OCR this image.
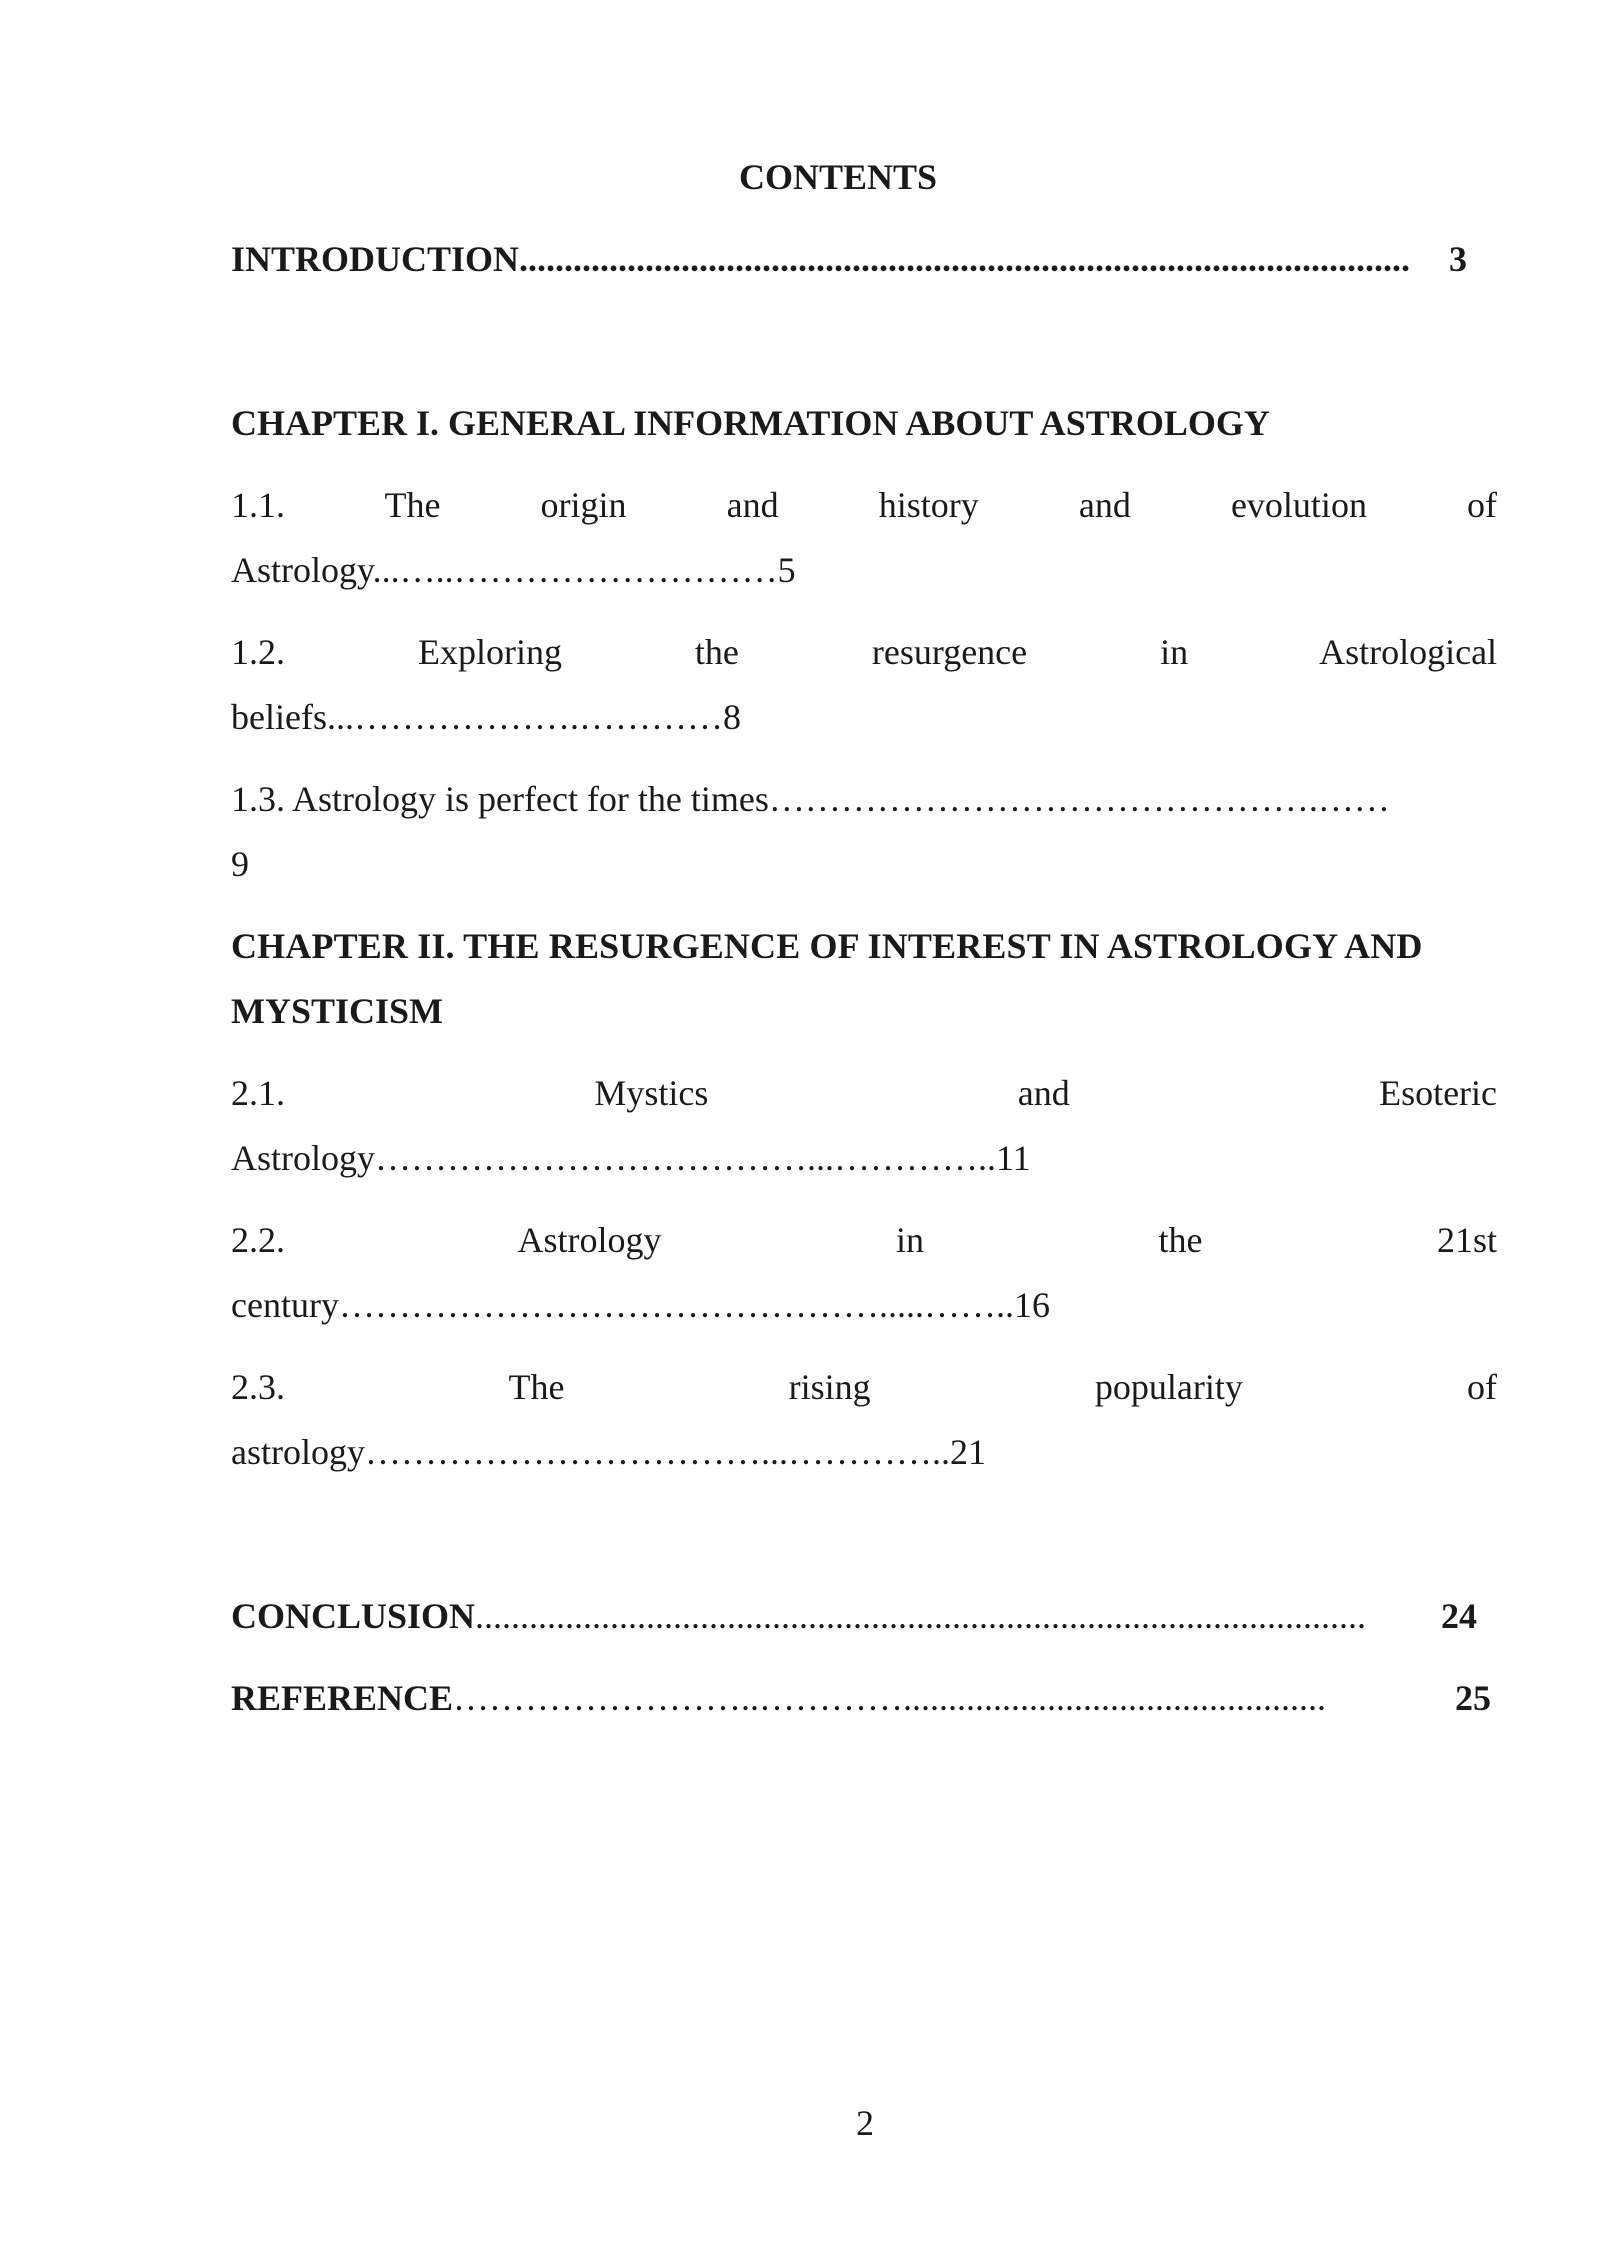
CONTENTS
INTRODUCTION................................................................................................... 3
CHAPTER I. GENERAL INFORMATION ABOUT ASTROLOGY
1.1.	The	origin	and	history	and	evolution	of
Astrology...…..………………………5
1.2.	Exploring	the	resurgence	in	Astrological
beliefs...……………….…………8
1.3. Astrology is perfect for the times……………………………………….……
9
CHAPTER II. THE RESURGENCE OF INTEREST IN ASTROLOGY AND
MYSTICISM
2.1.	Mystics	and	Esoteric
Astrology………………………………...…………..11
2.2.	Astrology	in	the	21st
century……………………………………….....……..16
2.3.	The	rising	popularity	of
astrology……………………………...…………..21
CONCLUSION................................................................................................... 24
REFERENCE……………………..…………...............................................	25
2
